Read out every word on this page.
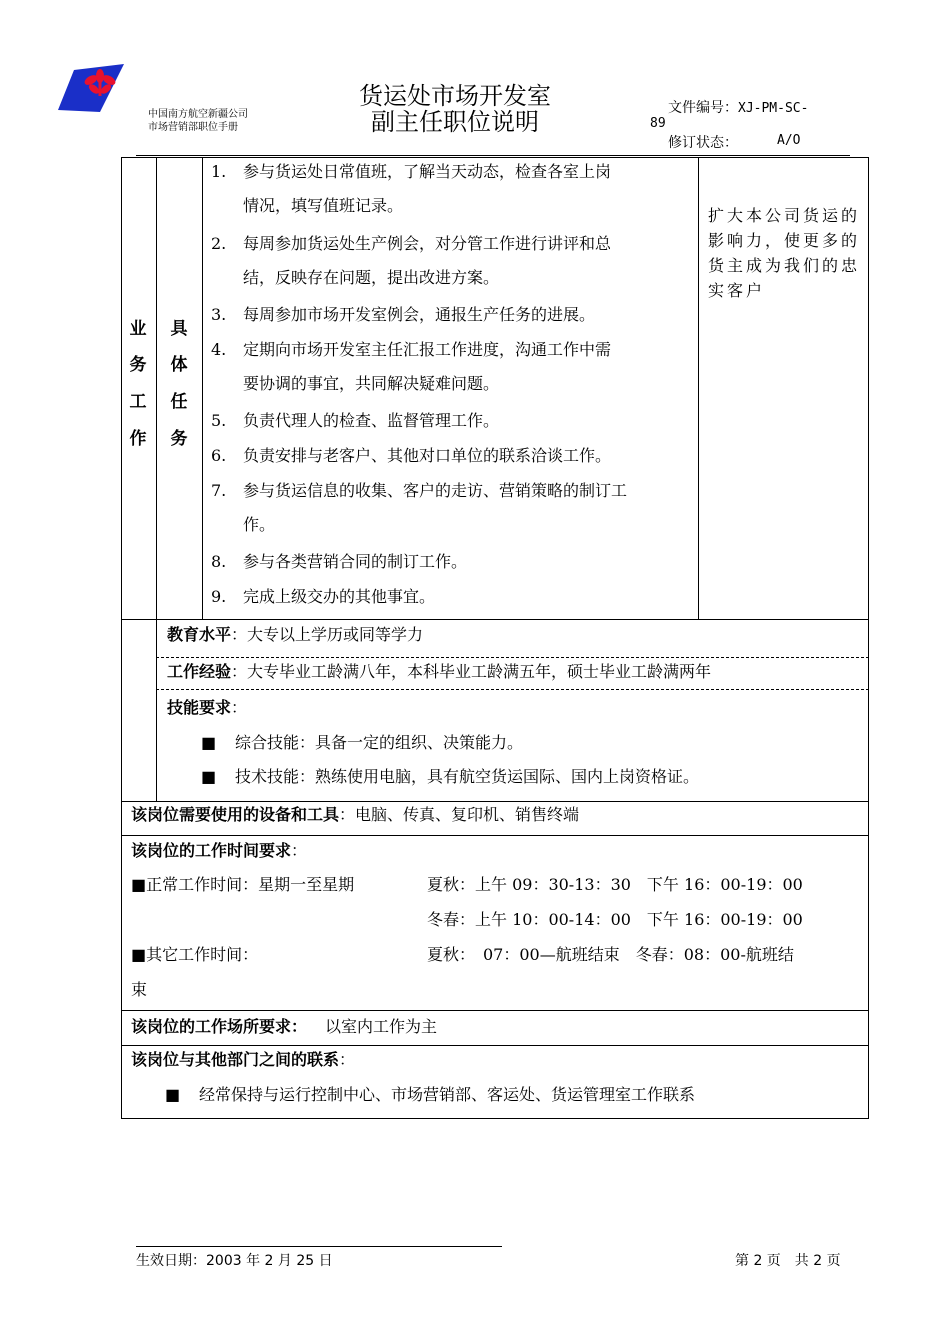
中国南方航空新疆公司
市场营销部职位手册
货运处市场开发室
副主任职位说明	文件编号：XJ-PM-SC-
89
修订状态：	A/O
业
务
工
作
具
体
任
务
1. 参与货运处日常值班，了解当天动态，检查各室上岗
情况，填写值班记录。
2. 每周参加货运处生产例会，对分管工作进行讲评和总
结，反映存在问题，提出改进方案。
3. 每周参加市场开发室例会，通报生产任务的进展。
4. 定期向市场开发室主任汇报工作进度，沟通工作中需
要协调的事宜，共同解决疑难问题。
5. 负责代理人的检查、监督管理工作。
6. 负责安排与老客户、其他对口单位的联系洽谈工作。
7. 参与货运信息的收集、客户的走访、营销策略的制订工
作。
8. 参与各类营销合同的制订工作。
9. 完成上级交办的其他事宜。
扩大本公司货运的影响力，使更多的货主成为我们的忠实客户
教育水平：大专以上学历或同等学力
工作经验：大专毕业工龄满八年，本科毕业工龄满五年，硕士毕业工龄满两年
技能要求：
■ 综合技能：具备一定的组织、决策能力。
■ 技术技能：熟练使用电脑，具有航空货运国际、国内上岗资格证。
该岗位需要使用的设备和工具：电脑、传真、复印机、销售终端
该岗位的工作时间要求：
■正常工作时间：星期一至星期	夏秋：上午 09：30-13：30　下午 16：00-19：00
冬春：上午 10：00-14：00　下午 16：00-19：00
■其它工作时间：	夏秋：　07：00—航班结束　冬春：08：00-航班结
束
该岗位的工作场所要求： 以室内工作为主
该岗位与其他部门之间的联系：
■ 经常保持与运行控制中心、市场营销部、客运处、货运管理室工作联系
生效日期：2003 年 2 月 25 日	第 2 页　共 2 页
